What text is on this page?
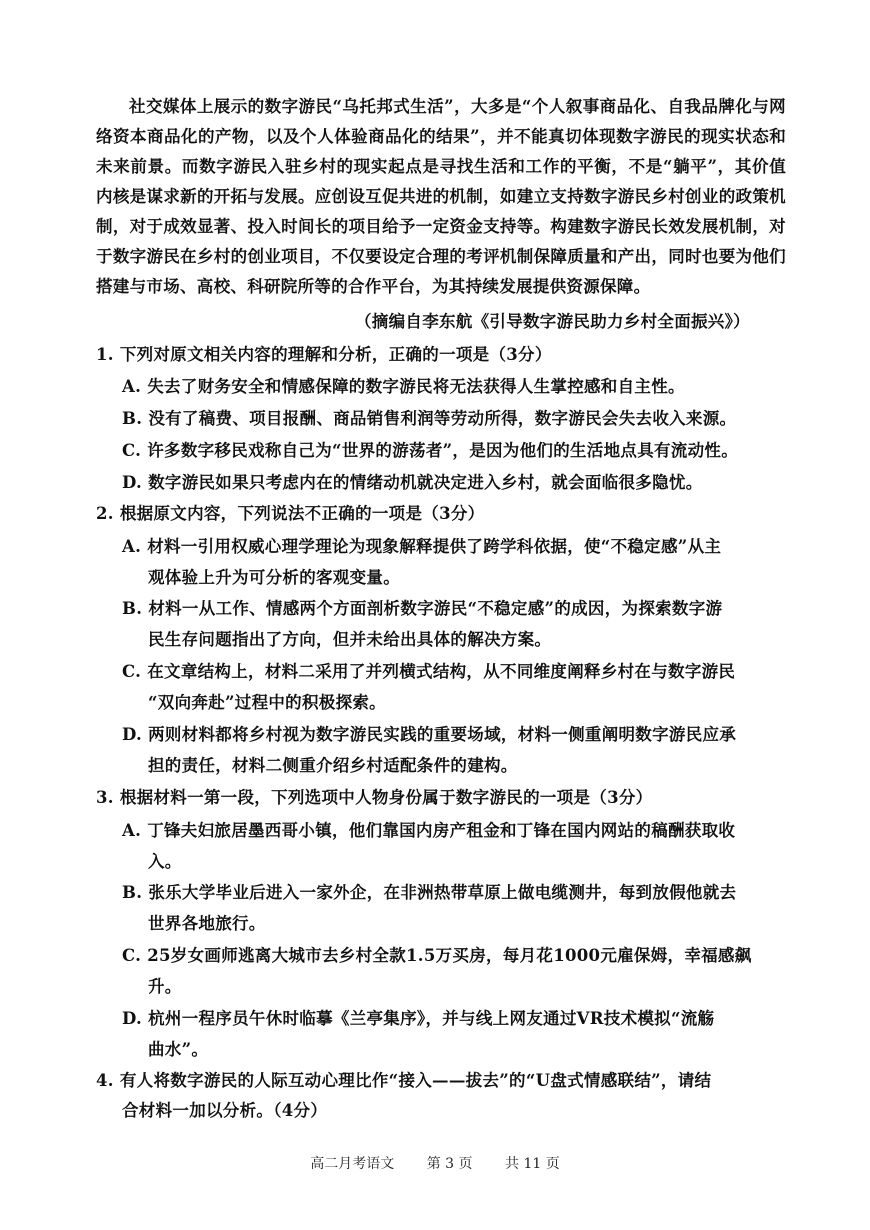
社交媒体上展示的数字游民“乌托邦式生活”，大多是“个人叙事商品化、自我品牌化与网络资本商品化的产物，以及个人体验商品化的结果”，并不能真切体现数字游民的现实状态和未来前景。而数字游民入驻乡村的现实起点是寻找生活和工作的平衡，不是“躺平”，其价值内核是谋求新的开拓与发展。应创设互促共进的机制，如建立支持数字游民乡村创业的政策机制，对于成效显著、投入时间长的项目给予一定资金支持等。构建数字游民长效发展机制，对于数字游民在乡村的创业项目，不仅要设定合理的考评机制保障质量和产出，同时也要为他们搭建与市场、高校、科研院所等的合作平台，为其持续发展提供资源保障。

（摘编自李东航《引导数字游民助力乡村全面振兴》）
1. 下列对原文相关内容的理解和分析，正确的一项是（3分）
A. 失去了财务安全和情感保障的数字游民将无法获得人生掌控感和自主性。
B. 没有了稿费、项目报酬、商品销售利润等劳动所得，数字游民会失去收入来源。
C. 许多数字移民戏称自己为“世界的游荡者”，是因为他们的生活地点具有流动性。
D. 数字游民如果只考虑内在的情绪动机就决定进入乡村，就会面临很多隐忧。
2. 根据原文内容，下列说法不正确的一项是（3分）
A. 材料一引用权威心理学理论为现象解释提供了跨学科依据，使“不稳定感”从主
观体验上升为可分析的客观变量。
B. 材料一从工作、情感两个方面剖析数字游民“不稳定感”的成因，为探索数字游
民生存问题指出了方向，但并未给出具体的解决方案。
C. 在文章结构上，材料二采用了并列横式结构，从不同维度阐释乡村在与数字游民
“双向奔赴”过程中的积极探索。
D. 两则材料都将乡村视为数字游民实践的重要场域，材料一侧重阐明数字游民应承
担的责任，材料二侧重介绍乡村适配条件的建构。
3. 根据材料一第一段，下列选项中人物身份属于数字游民的一项是（3分）
A. 丁锋夫妇旅居墨西哥小镇，他们靠国内房产租金和丁锋在国内网站的稿酬获取收
入。
B. 张乐大学毕业后进入一家外企，在非洲热带草原上做电缆测井，每到放假他就去
世界各地旅行。
C. 25岁女画师逃离大城市去乡村全款1.5万买房，每月花1000元雇保姆，幸福感飙
升。
D. 杭州一程序员午休时临摹《兰亭集序》，并与线上网友通过VR技术模拟“流觞
曲水”。
4. 有人将数字游民的人际互动心理比作“接入——拔去”的“U盘式情感联结”，请结
合材料一加以分析。（4分）
高二月考语文 第 3 页 共 11 页
